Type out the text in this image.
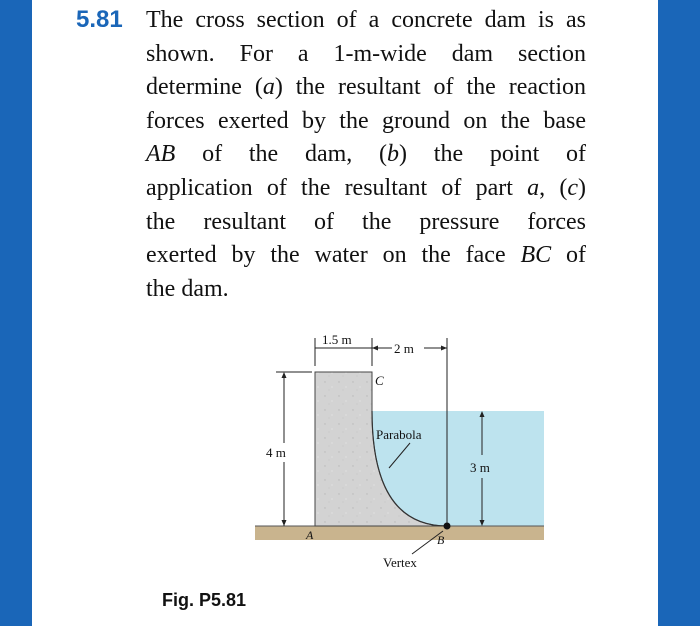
5.81 The cross section of a concrete dam is as
shown. For a 1-m-wide dam section
determine (a) the resultant of the reaction
forces exerted by the ground on the base
AB of the dam, (b) the point of
application of the resultant of part a, (c)
the resultant of the pressure forces
exerted by the water on the face BC of
the dam.
1.5 m
2 m
4 m
3 m
C
A	B
Parabola
Vertex
Fig. P5.81
